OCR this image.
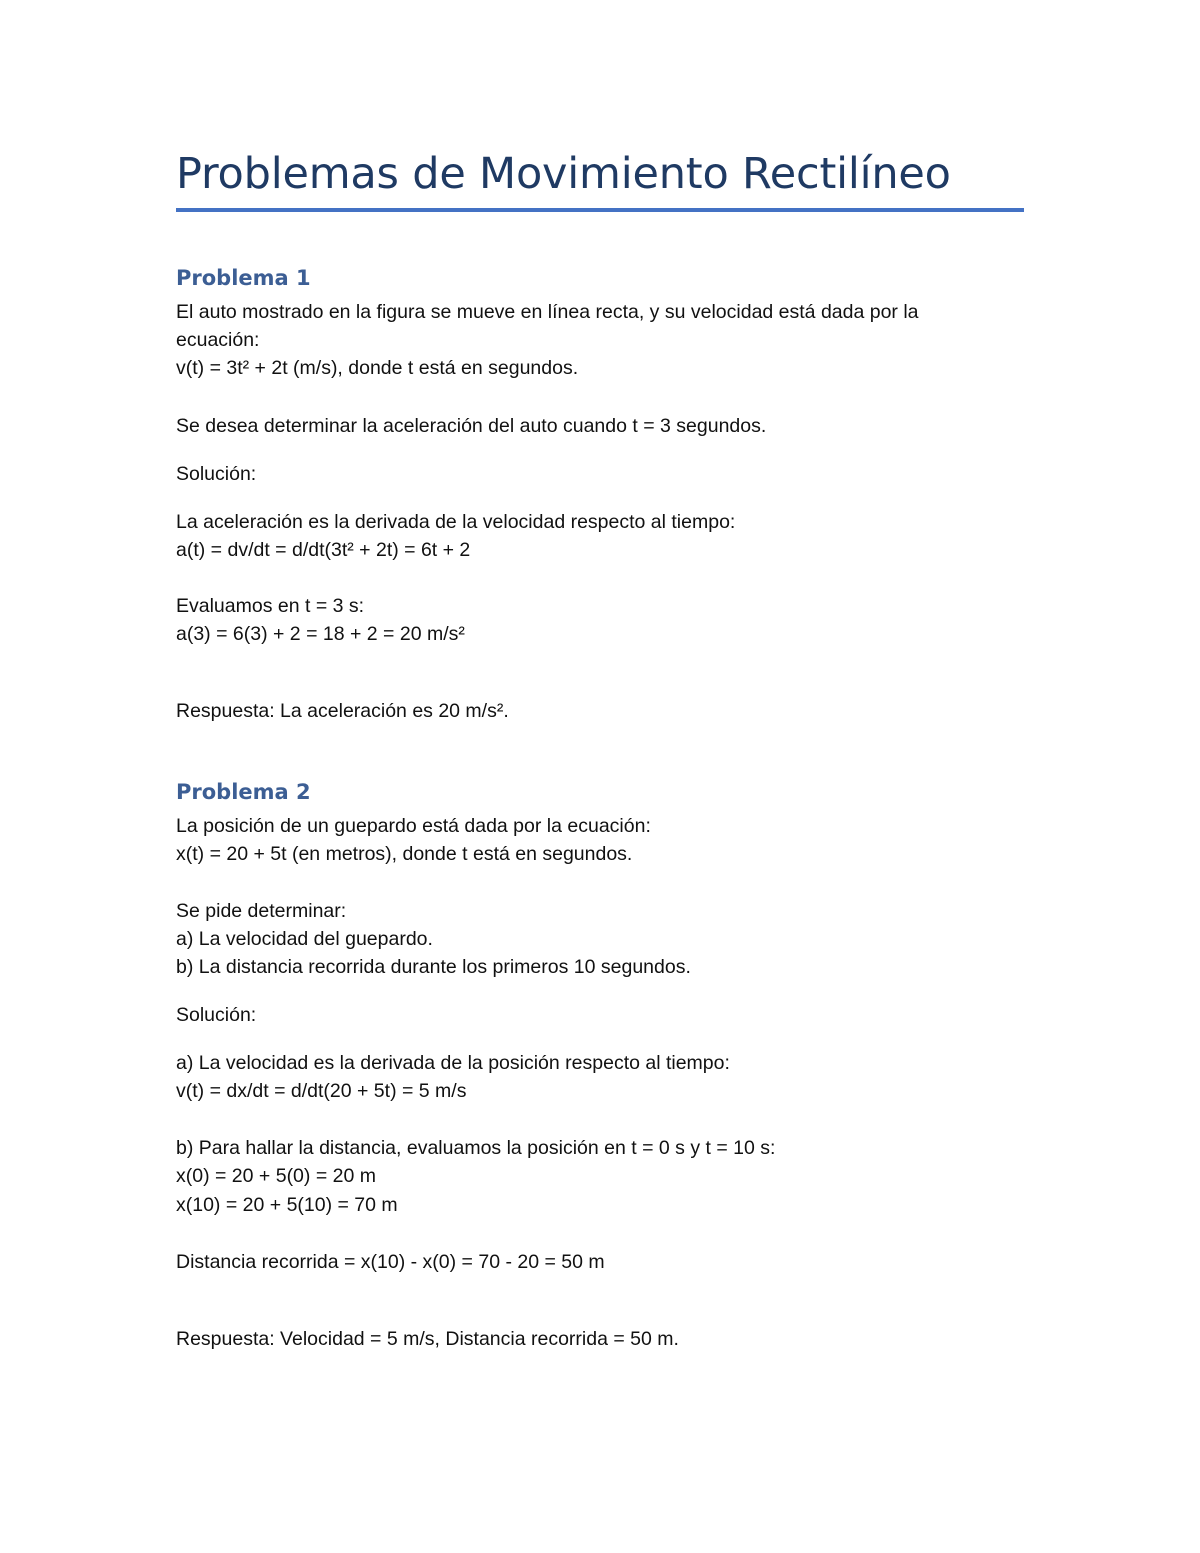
Problemas de Movimiento Rectilíneo
Problema 1
El auto mostrado en la figura se mueve en línea recta, y su velocidad está dada por la
ecuación:
v(t) = 3t² + 2t (m/s), donde t está en segundos.
Se desea determinar la aceleración del auto cuando t = 3 segundos.
Solución:
La aceleración es la derivada de la velocidad respecto al tiempo:
a(t) = dv/dt = d/dt(3t² + 2t) = 6t + 2
Evaluamos en t = 3 s:
a(3) = 6(3) + 2 = 18 + 2 = 20 m/s²
Respuesta: La aceleración es 20 m/s².
Problema 2
La posición de un guepardo está dada por la ecuación:
x(t) = 20 + 5t (en metros), donde t está en segundos.
Se pide determinar:
a) La velocidad del guepardo.
b) La distancia recorrida durante los primeros 10 segundos.
Solución:
a) La velocidad es la derivada de la posición respecto al tiempo:
v(t) = dx/dt = d/dt(20 + 5t) = 5 m/s
b) Para hallar la distancia, evaluamos la posición en t = 0 s y t = 10 s:
x(0) = 20 + 5(0) = 20 m
x(10) = 20 + 5(10) = 70 m
Distancia recorrida = x(10) - x(0) = 70 - 20 = 50 m
Respuesta: Velocidad = 5 m/s, Distancia recorrida = 50 m.
